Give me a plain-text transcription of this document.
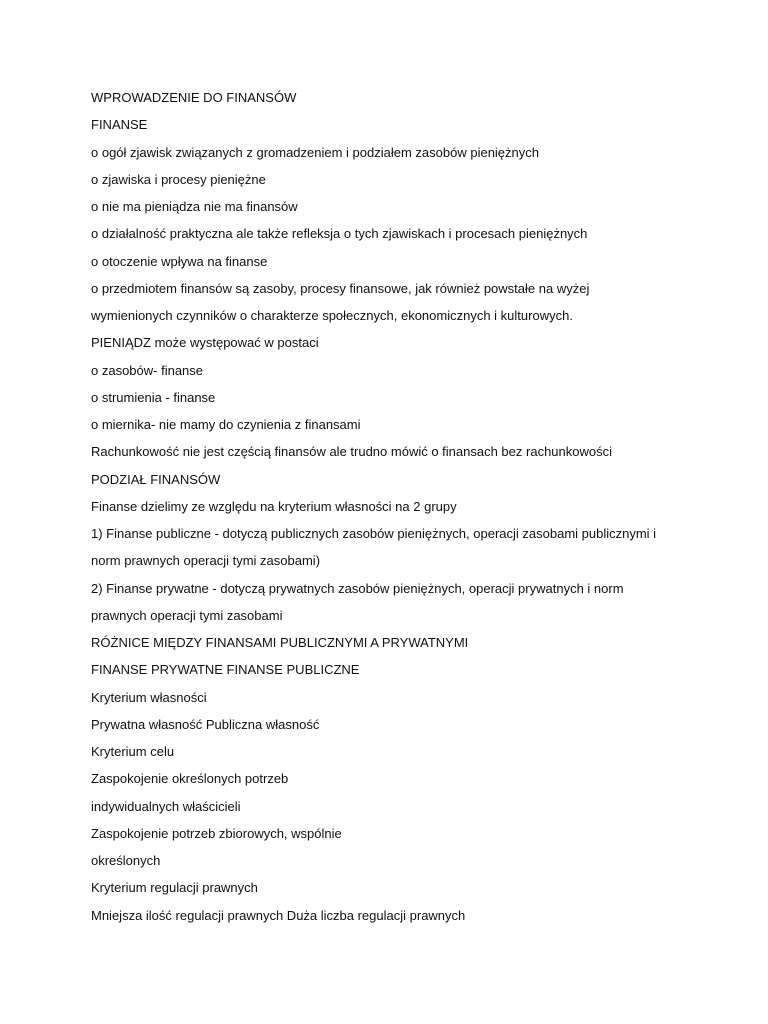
WPROWADZENIE DO FINANSÓW
FINANSE
o ogół zjawisk związanych z gromadzeniem i podziałem zasobów pieniężnych
o zjawiska i procesy pieniężne
o nie ma pieniądza nie ma finansów
o działalność praktyczna ale także refleksja o tych zjawiskach i procesach pieniężnych
o otoczenie wpływa na finanse
o przedmiotem finansów są zasoby, procesy finansowe, jak również powstałe na wyżej
wymienionych czynników o charakterze społecznych, ekonomicznych i kulturowych.
PIENIĄDZ może występować w postaci
o zasobów- finanse
o strumienia - finanse
o miernika- nie mamy do czynienia z finansami
Rachunkowość nie jest częścią finansów ale trudno mówić o finansach bez rachunkowości
PODZIAŁ FINANSÓW
Finanse dzielimy ze względu na kryterium własności na 2 grupy
1) Finanse publiczne - dotyczą publicznych zasobów pieniężnych, operacji zasobami publicznymi i
norm prawnych operacji tymi zasobami)
2) Finanse prywatne - dotyczą prywatnych zasobów pieniężnych, operacji prywatnych i norm
prawnych operacji tymi zasobami
RÓŻNICE MIĘDZY FINANSAMI PUBLICZNYMI A PRYWATNYMI
FINANSE PRYWATNE FINANSE PUBLICZNE
Kryterium własności
Prywatna własność Publiczna własność
Kryterium celu
Zaspokojenie określonych potrzeb
indywidualnych właścicieli
Zaspokojenie potrzeb zbiorowych, wspólnie
określonych
Kryterium regulacji prawnych
Mniejsza ilość regulacji prawnych Duża liczba regulacji prawnych
